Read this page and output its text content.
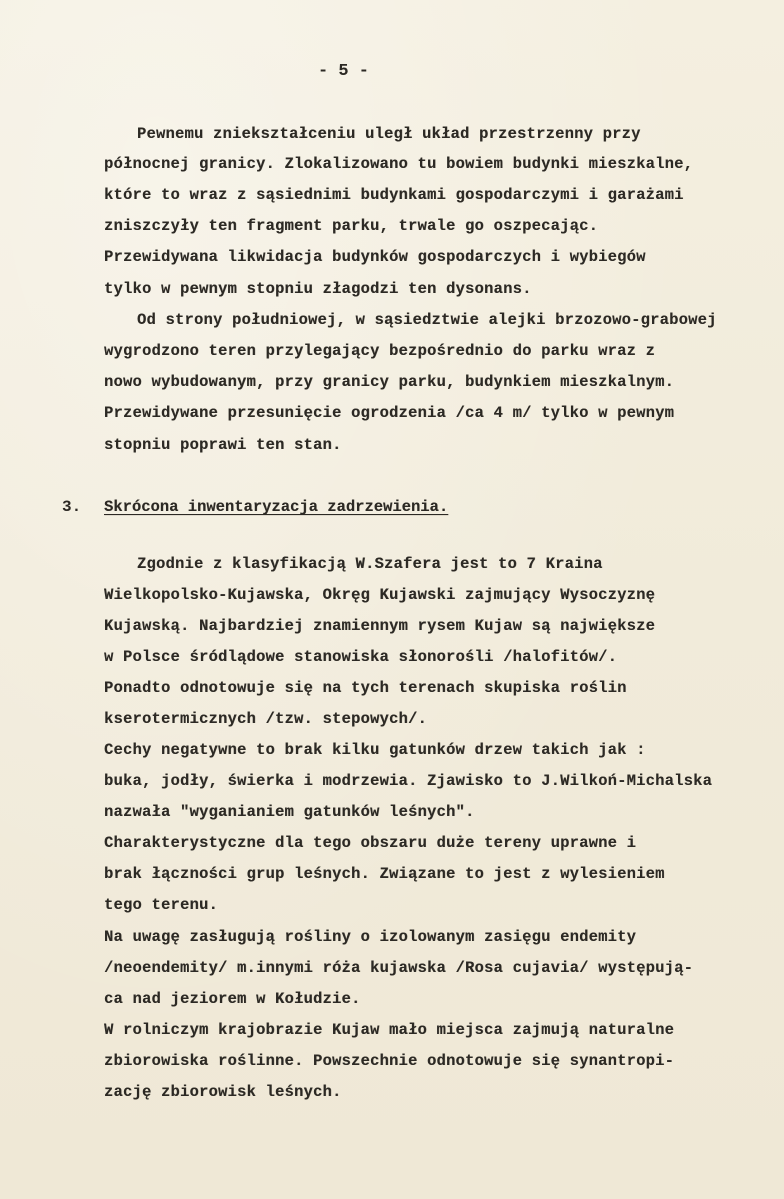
- 5 -
Pewnemu zniekształceniu uległ układ przestrzenny przy
północnej granicy. Zlokalizowano tu bowiem budynki mieszkalne,
które to wraz z sąsiednimi budynkami gospodarczymi i garażami
zniszczyły ten fragment parku, trwale go oszpecając.
Przewidywana likwidacja budynków gospodarczych i wybiegów
tylko w pewnym stopniu złagodzi ten dysonans.
Od strony południowej, w sąsiedztwie alejki brzozowo-grabowej
wygrodzono teren przylegający bezpośrednio do parku wraz z
nowo wybudowanym, przy granicy parku, budynkiem mieszkalnym.
Przewidywane przesunięcie ogrodzenia /ca 4 m/ tylko w pewnym
stopniu poprawi ten stan.
3. Skrócona inwentaryzacja zadrzewienia.
Zgodnie z klasyfikacją W.Szafera jest to 7 Kraina
Wielkopolsko-Kujawska, Okręg Kujawski zajmujący Wysoczyznę
Kujawską. Najbardziej znamiennym rysem Kujaw są największe
w Polsce śródlądowe stanowiska słonorośli /halofitów/.
Ponadto odnotowuje się na tych terenach skupiska roślin
kserotermicznych /tzw. stepowych/.
Cechy negatywne to brak kilku gatunków drzew takich jak :
buka, jodły, świerka i modrzewia. Zjawisko to J.Wilkoń-Michalska
nazwała "wyganianiem gatunków leśnych".
Charakterystyczne dla tego obszaru duże tereny uprawne i
brak łączności grup leśnych. Związane to jest z wylesieniem
tego terenu.
Na uwagę zasługują rośliny o izolowanym zasięgu endemity
/neoendemity/ m.innymi róża kujawska /Rosa cujavia/ występują-
ca nad jeziorem w Kołudzie.
W rolniczym krajobrazie Kujaw mało miejsca zajmują naturalne
zbiorowiska roślinne. Powszechnie odnotowuje się synantropi-
zację zbiorowisk leśnych.
